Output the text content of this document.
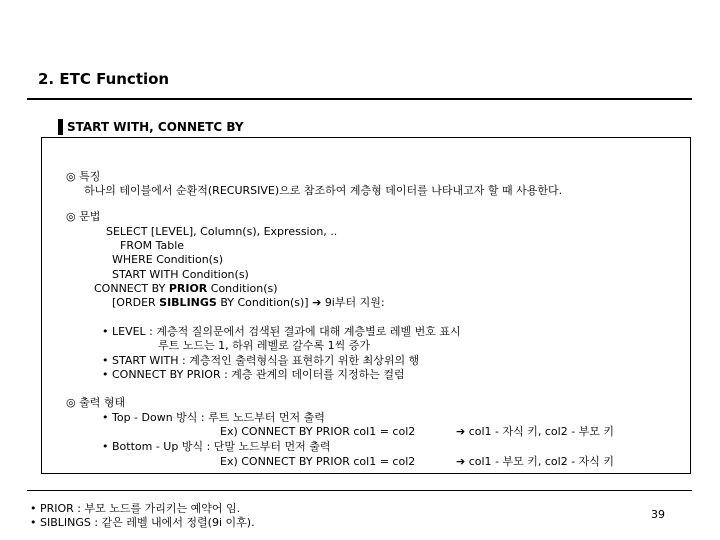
2. ETC Function
START WITH, CONNETC BY
◎ 특징
하나의 테이블에서 순환적(RECURSIVE)으로 참조하여 계층형 데이터를 나타내고자 할 때 사용한다.
◎ 문법
SELECT [LEVEL], Column(s), Expression, ..
FROM Table
WHERE Condition(s)
START WITH Condition(s)
CONNECT BY PRIOR Condition(s)
[ORDER SIBLINGS BY Condition(s)] ➔ 9i부터 지원:
• LEVEL : 계층적 질의문에서 검색된 결과에 대해 계층별로 레벨 번호 표시
루트 노드는 1, 하위 레벨로 갈수록 1씩 증가
• START WITH : 계층적인 출력형식을 표현하기 위한 최상위의 행
• CONNECT BY PRIOR : 계층 관계의 데이터를 지정하는 컬럼
◎ 출력 형태
• Top - Down 방식 : 루트 노드부터 먼저 출력
Ex) CONNECT BY PRIOR col1 = col2	➔ col1 - 자식 키, col2 - 부모 키
• Bottom - Up 방식 : 단말 노드부터 먼저 출력
Ex) CONNECT BY PRIOR col1 = col2	➔ col1 - 부모 키, col2 - 자식 키
• PRIOR : 부모 노드를 가리키는 예약어 임.
• SIBLINGS : 같은 레벨 내에서 정렬(9i 이후).
39
